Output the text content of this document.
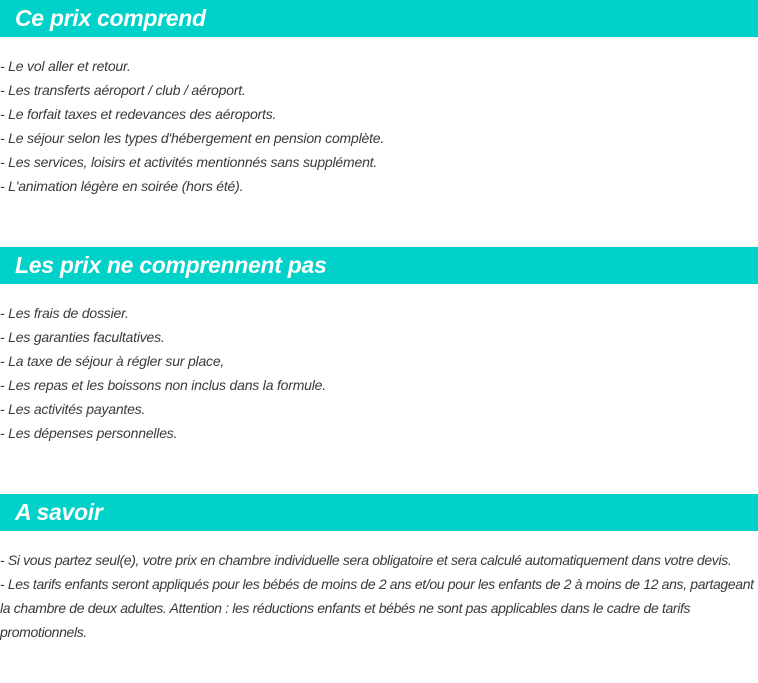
Ce prix comprend
- Le vol aller et retour.
- Les transferts aéroport / club / aéroport.
- Le forfait taxes et redevances des aéroports.
- Le séjour selon les types d'hébergement en pension complète.
- Les services, loisirs et activités mentionnés sans supplément.
- L'animation légère en soirée (hors été).
Les prix ne comprennent pas
- Les frais de dossier.
- Les garanties facultatives.
- La taxe de séjour à régler sur place,
- Les repas et les boissons non inclus dans la formule.
- Les activités payantes.
- Les dépenses personnelles.
A savoir
- Si vous partez seul(e), votre prix en chambre individuelle sera obligatoire et sera calculé automatiquement dans votre devis.
- Les tarifs enfants seront appliqués pour les bébés de moins de 2 ans et/ou pour les enfants de 2 à moins de 12 ans, partageant la chambre de deux adultes. Attention : les réductions enfants et bébés ne sont pas applicables dans le cadre de tarifs promotionnels.
